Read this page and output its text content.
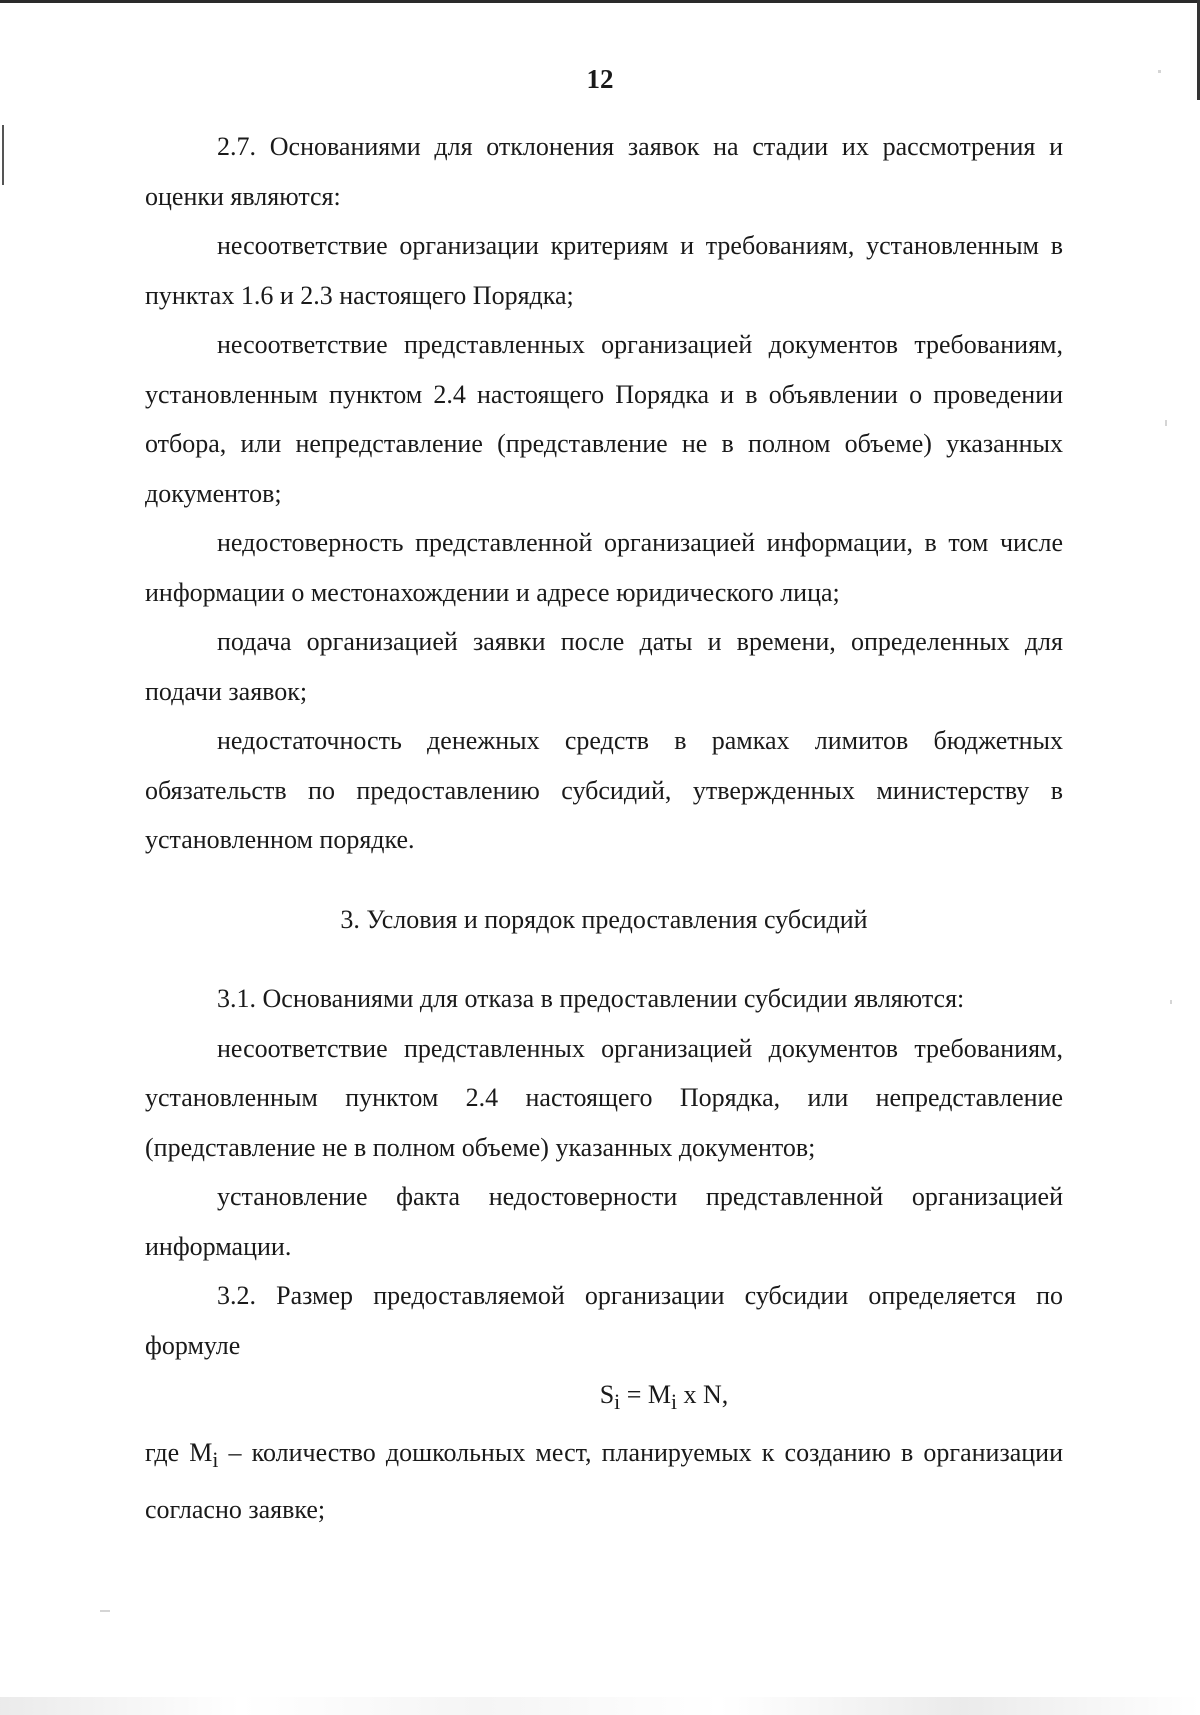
12

2.7. Основаниями для отклонения заявок на стадии их рассмотрения и оценки являются:

несоответствие организации критериям и требованиям, установленным в пунктах 1.6 и 2.3 настоящего Порядка;

несоответствие представленных организацией документов требованиям, установленным пунктом 2.4 настоящего Порядка и в объявлении о проведении отбора, или непредставление (представление не в полном объеме) указанных документов;

недостоверность представленной организацией информации, в том числе информации о местонахождении и адресе юридического лица;

подача организацией заявки после даты и времени, определенных для подачи заявок;

недостаточность денежных средств в рамках лимитов бюджетных обязательств по предоставлению субсидий, утвержденных министерству в установленном порядке.

3. Условия и порядок предоставления субсидий

3.1. Основаниями для отказа в предоставлении субсидии являются:

несоответствие представленных организацией документов требованиям, установленным пунктом 2.4 настоящего Порядка, или непредставление (представление не в полном объеме) указанных документов;

установление факта недостоверности представленной организацией информации.

3.2. Размер предоставляемой организации субсидии определяется по формуле

$S_i = M_i$ x N,

где $M_i$ – количество дошкольных мест, планируемых к созданию в организации согласно заявке;
